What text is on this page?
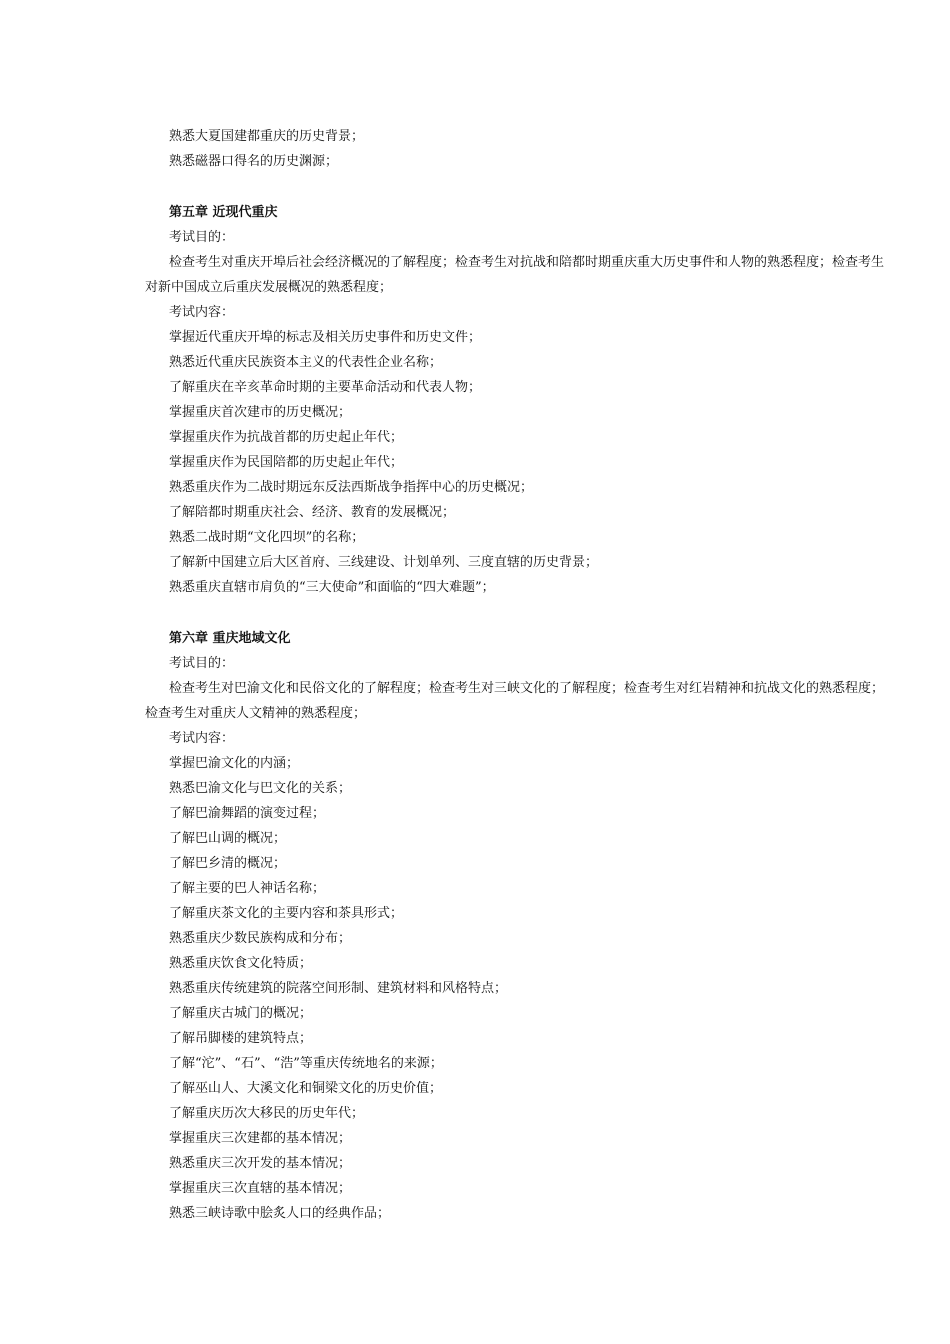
熟悉大夏国建都重庆的历史背景；
熟悉磁器口得名的历史渊源；
第五章 近现代重庆
考试目的：

检查考生对重庆开埠后社会经济概况的了解程度；检查考生对抗战和陪都时期重庆重大历史事件和人物的熟悉程度；检查考生对新中国成立后重庆发展概况的熟悉程度；

考试内容：
掌握近代重庆开埠的标志及相关历史事件和历史文件；
熟悉近代重庆民族资本主义的代表性企业名称；
了解重庆在辛亥革命时期的主要革命活动和代表人物；
掌握重庆首次建市的历史概况；
掌握重庆作为抗战首都的历史起止年代；
掌握重庆作为民国陪都的历史起止年代；
熟悉重庆作为二战时期远东反法西斯战争指挥中心的历史概况；
了解陪都时期重庆社会、经济、教育的发展概况；
熟悉二战时期“文化四坝”的名称；
了解新中国建立后大区首府、三线建设、计划单列、三度直辖的历史背景；
熟悉重庆直辖市肩负的“三大使命”和面临的“四大难题”；
第六章 重庆地域文化
考试目的：

检查考生对巴渝文化和民俗文化的了解程度；检查考生对三峡文化的了解程度；检查考生对红岩精神和抗战文化的熟悉程度；检查考生对重庆人文精神的熟悉程度；

考试内容：
掌握巴渝文化的内涵；
熟悉巴渝文化与巴文化的关系；
了解巴渝舞蹈的演变过程；
了解巴山调的概况；
了解巴乡清的概况；
了解主要的巴人神话名称；
了解重庆茶文化的主要内容和茶具形式；
熟悉重庆少数民族构成和分布；
熟悉重庆饮食文化特质；
熟悉重庆传统建筑的院落空间形制、建筑材料和风格特点；
了解重庆古城门的概况；
了解吊脚楼的建筑特点；
了解“沱”、“石”、“浩”等重庆传统地名的来源；
了解巫山人、大溪文化和铜梁文化的历史价值；
了解重庆历次大移民的历史年代；
掌握重庆三次建都的基本情况；
熟悉重庆三次开发的基本情况；
掌握重庆三次直辖的基本情况；
熟悉三峡诗歌中脍炙人口的经典作品；
